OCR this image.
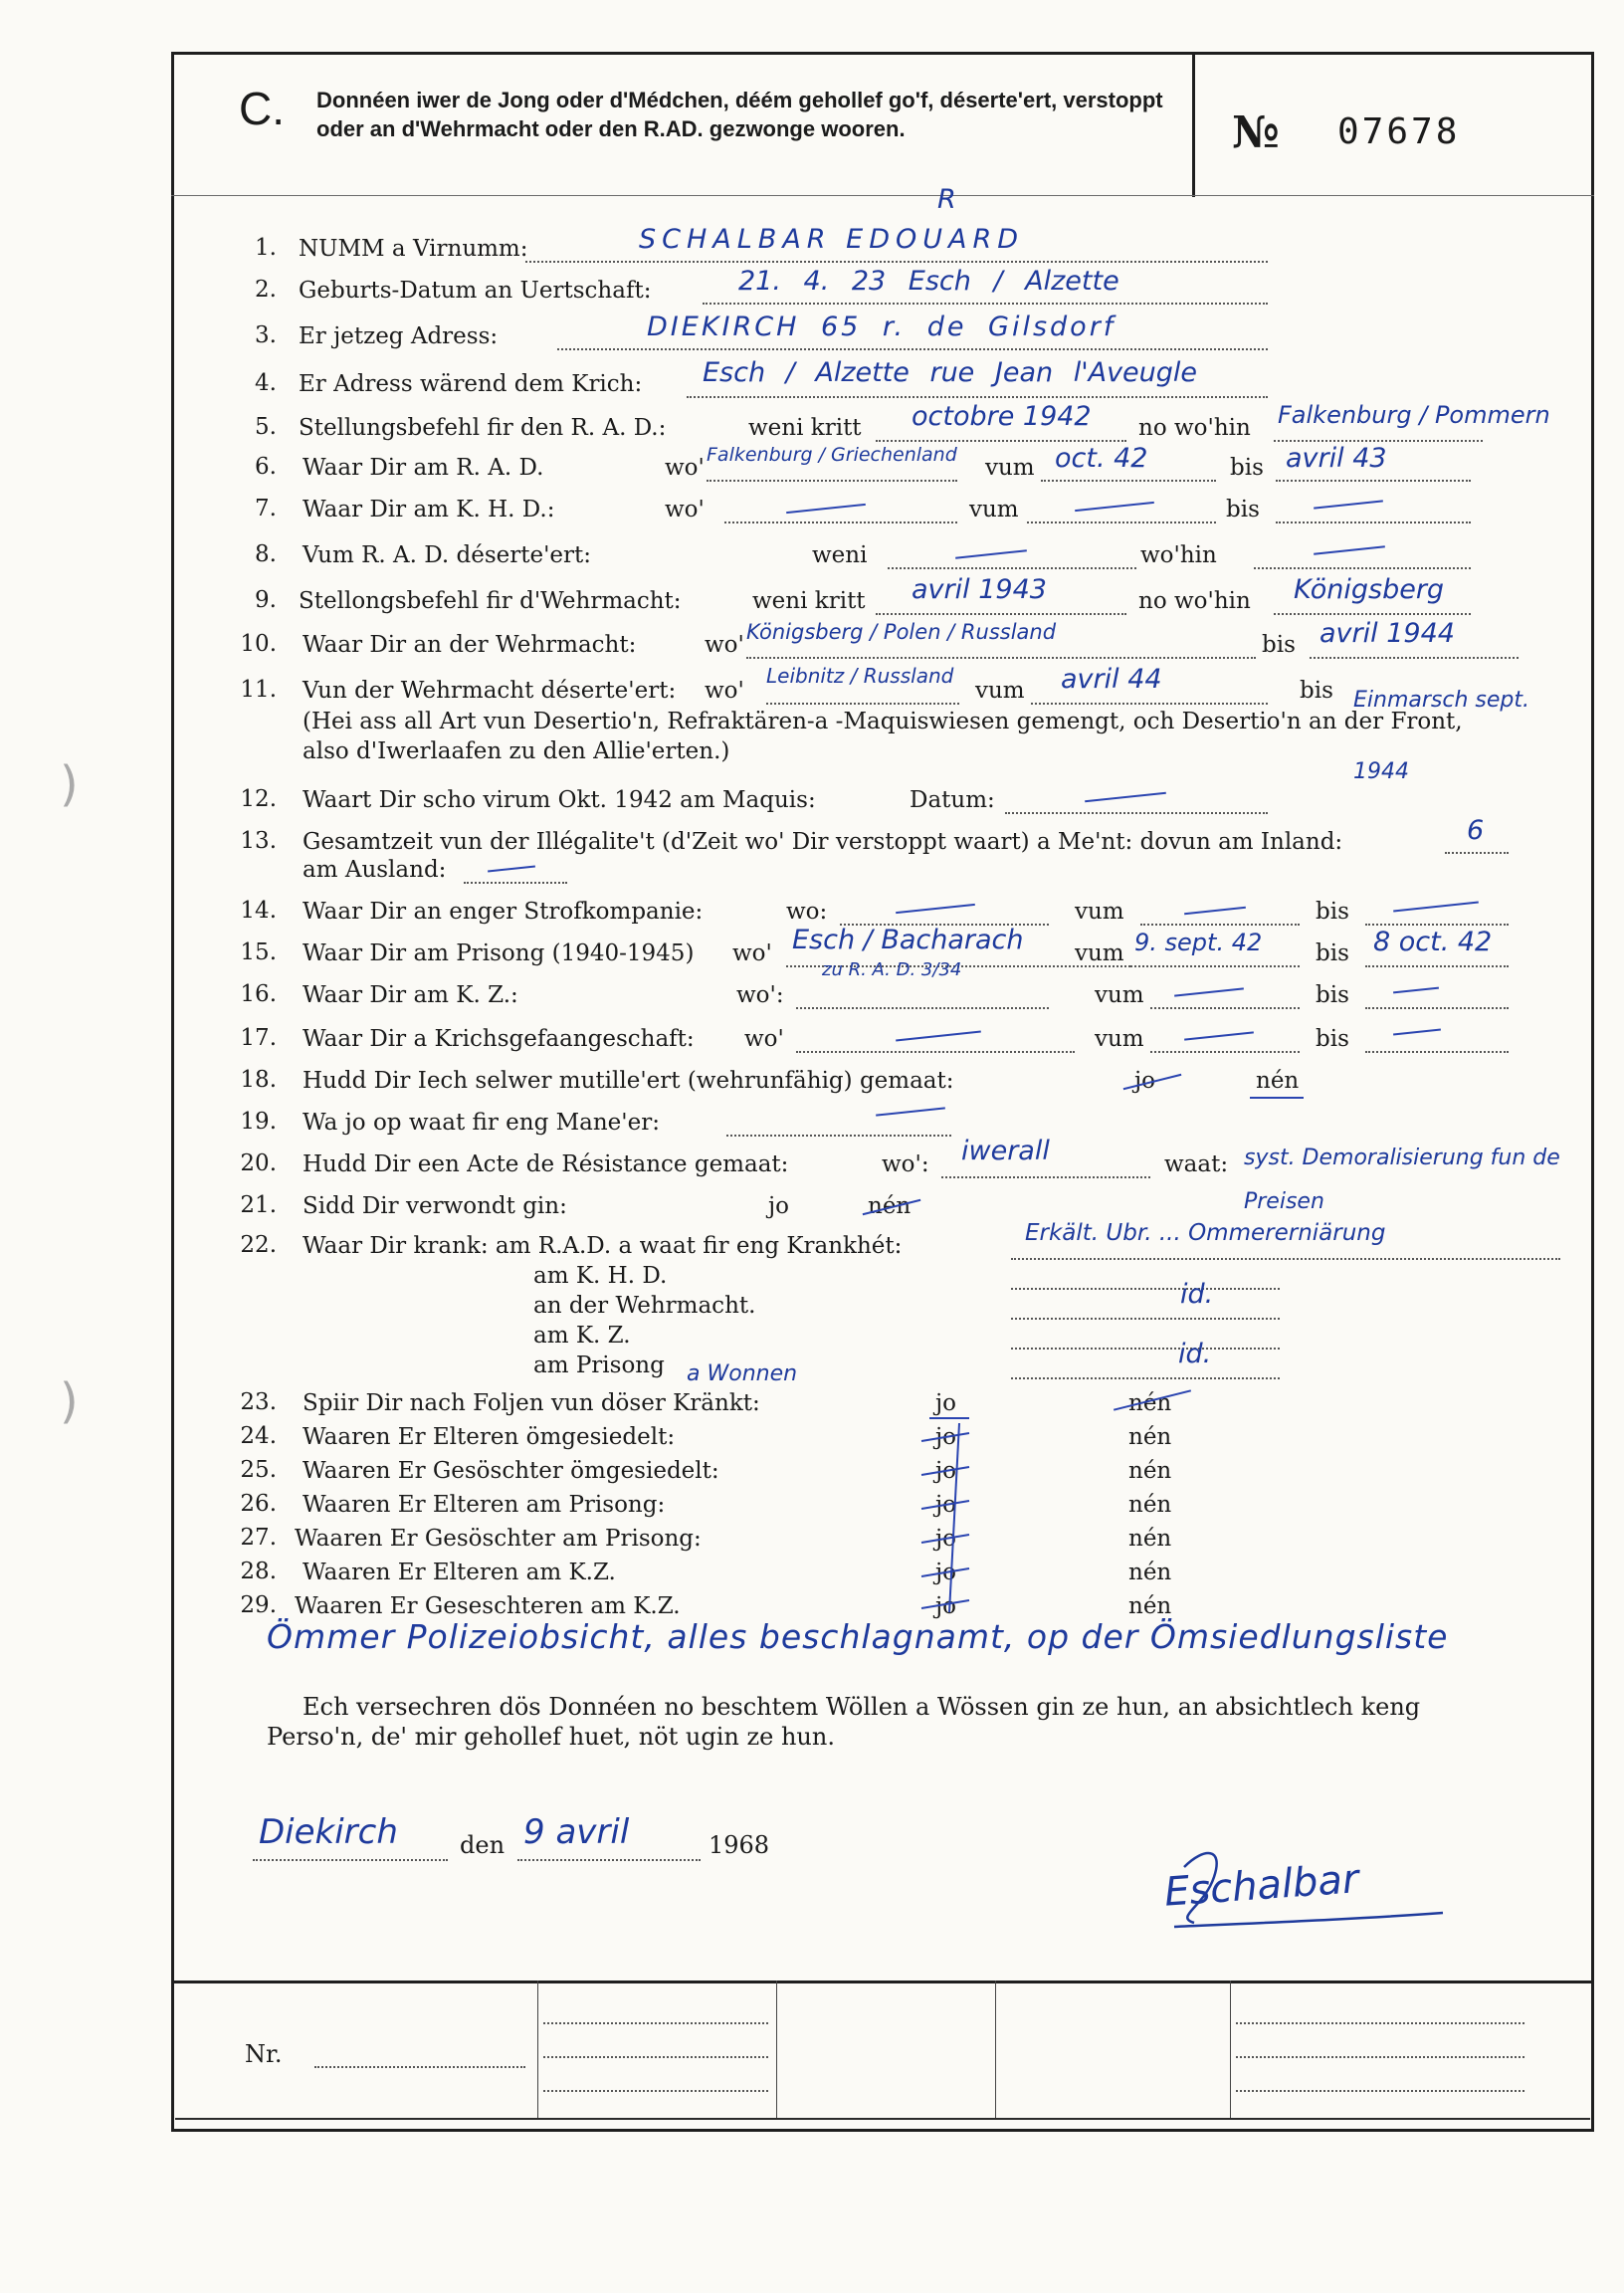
C. Donnéen iwer de Jong oder d'Médchen, déém gehollef go'f, déserte'ert, verstoppt oder an d'Wehrmacht oder den R.AD. gezwonge wooren.	№ 07678
)
)
1. NUMM a Virnumm:	SCHALBAR EDOUARD
R
2. Geburts-Datum an Uertschaft:	21. 4. 23 Esch / Alzette
3. Er jetzeg Adress:	DIEKIRCH 65 r. de Gilsdorf
4. Er Adress wärend dem Krich: Esch / Alzette rue Jean l'Aveugle
5. Stellungsbefehl fir den R. A. D.:	weni kritt octobre 1942 no wo'hin Falkenburg / Pommern
6. Waar Dir am R. A. D.	wo' Falkenburg / Griechenland vum oct. 42	bis avril 43
7. Waar Dir am K. H. D.:	wo'	vum	bis
8. Vum R. A. D. déserte'ert:	weni	wo'hin
9. Stellongsbefehl fir d'Wehrmacht:	weni kritt avril 1943	no wo'hin Königsberg
10. Waar Dir an der Wehrmacht:	wo' Königsberg / Polen / Russland	bis avril 1944
11. Vun der Wehrmacht déserte'ert: wo'
Leibnitz / Russland
vum avril 44	bis Einmarsch sept. 1944
(Hei ass all Art vun Desertio'n, Refraktären-a -Maquiswiesen gemengt, och Desertio'n an der Front, also d'Iwerlaafen zu den Allie'erten.)
12. Waart Dir scho virum Okt. 1942 am Maquis:	Datum:
13. Gesamtzeit vun der Illégalite't (d'Zeit wo' Dir verstoppt waart) a Me'nt: dovun am Inland:	6
am Ausland:
14. Waar Dir an enger Strofkompanie:	wo:	vum	bis
15. Waar Dir am Prisong (1940-1945) wo' Esch / Bacharach
zu R. A. D. 3/34
vum 9. sept. 42 bis 8 oct. 42
16. Waar Dir am K. Z.:	wo':	vum	bis
17. Waar Dir a Krichsgefaangeschaft: wo'	vum	bis
18. Hudd Dir Iech selwer mutille'ert (wehrunfähig) gemaat:	jo	nén
19. Wa jo op waat fir eng Mane'er:
20. Hudd Dir een Acte de Résistance gemaat:	wo': iwerall	waat: syst. Demoralisierung fun de Preisen
21. Sidd Dir verwondt gin:	jo	nén
22. Waar Dir krank: am R.A.D. a waat fir eng Krankhét:	Erkält. Ubr. ... Ommererniärung
am K. H. D.
an der Wehrmacht.	id.
am K. Z.
am Prisong	id.
a Wonnen
23. Spiir Dir nach Foljen vun döser Kränkt:	jo	nén
24. Waaren Er Elteren ömgesiedelt:	jo	nén
25. Waaren Er Gesöschter ömgesiedelt:	jo	nén
26. Waaren Er Elteren am Prisong:	jo	nén
27. Waaren Er Gesöschter am Prisong:	jo	nén
28. Waaren Er Elteren am K.Z.	jo	nén
29. Waaren Er Geseschteren am K.Z.	jo	nén
Ömmer Polizeiobsicht, alles beschlagnamt, op der Ömsiedlungsliste
Ech versechren dös Donnéen no beschtem Wöllen a Wössen gin ze hun, an absichtlech keng Perso'n, de' mir gehollef huet, nöt ugin ze hun.
Diekirch	den 9 avril	1968
Eschalbar
Nr.
